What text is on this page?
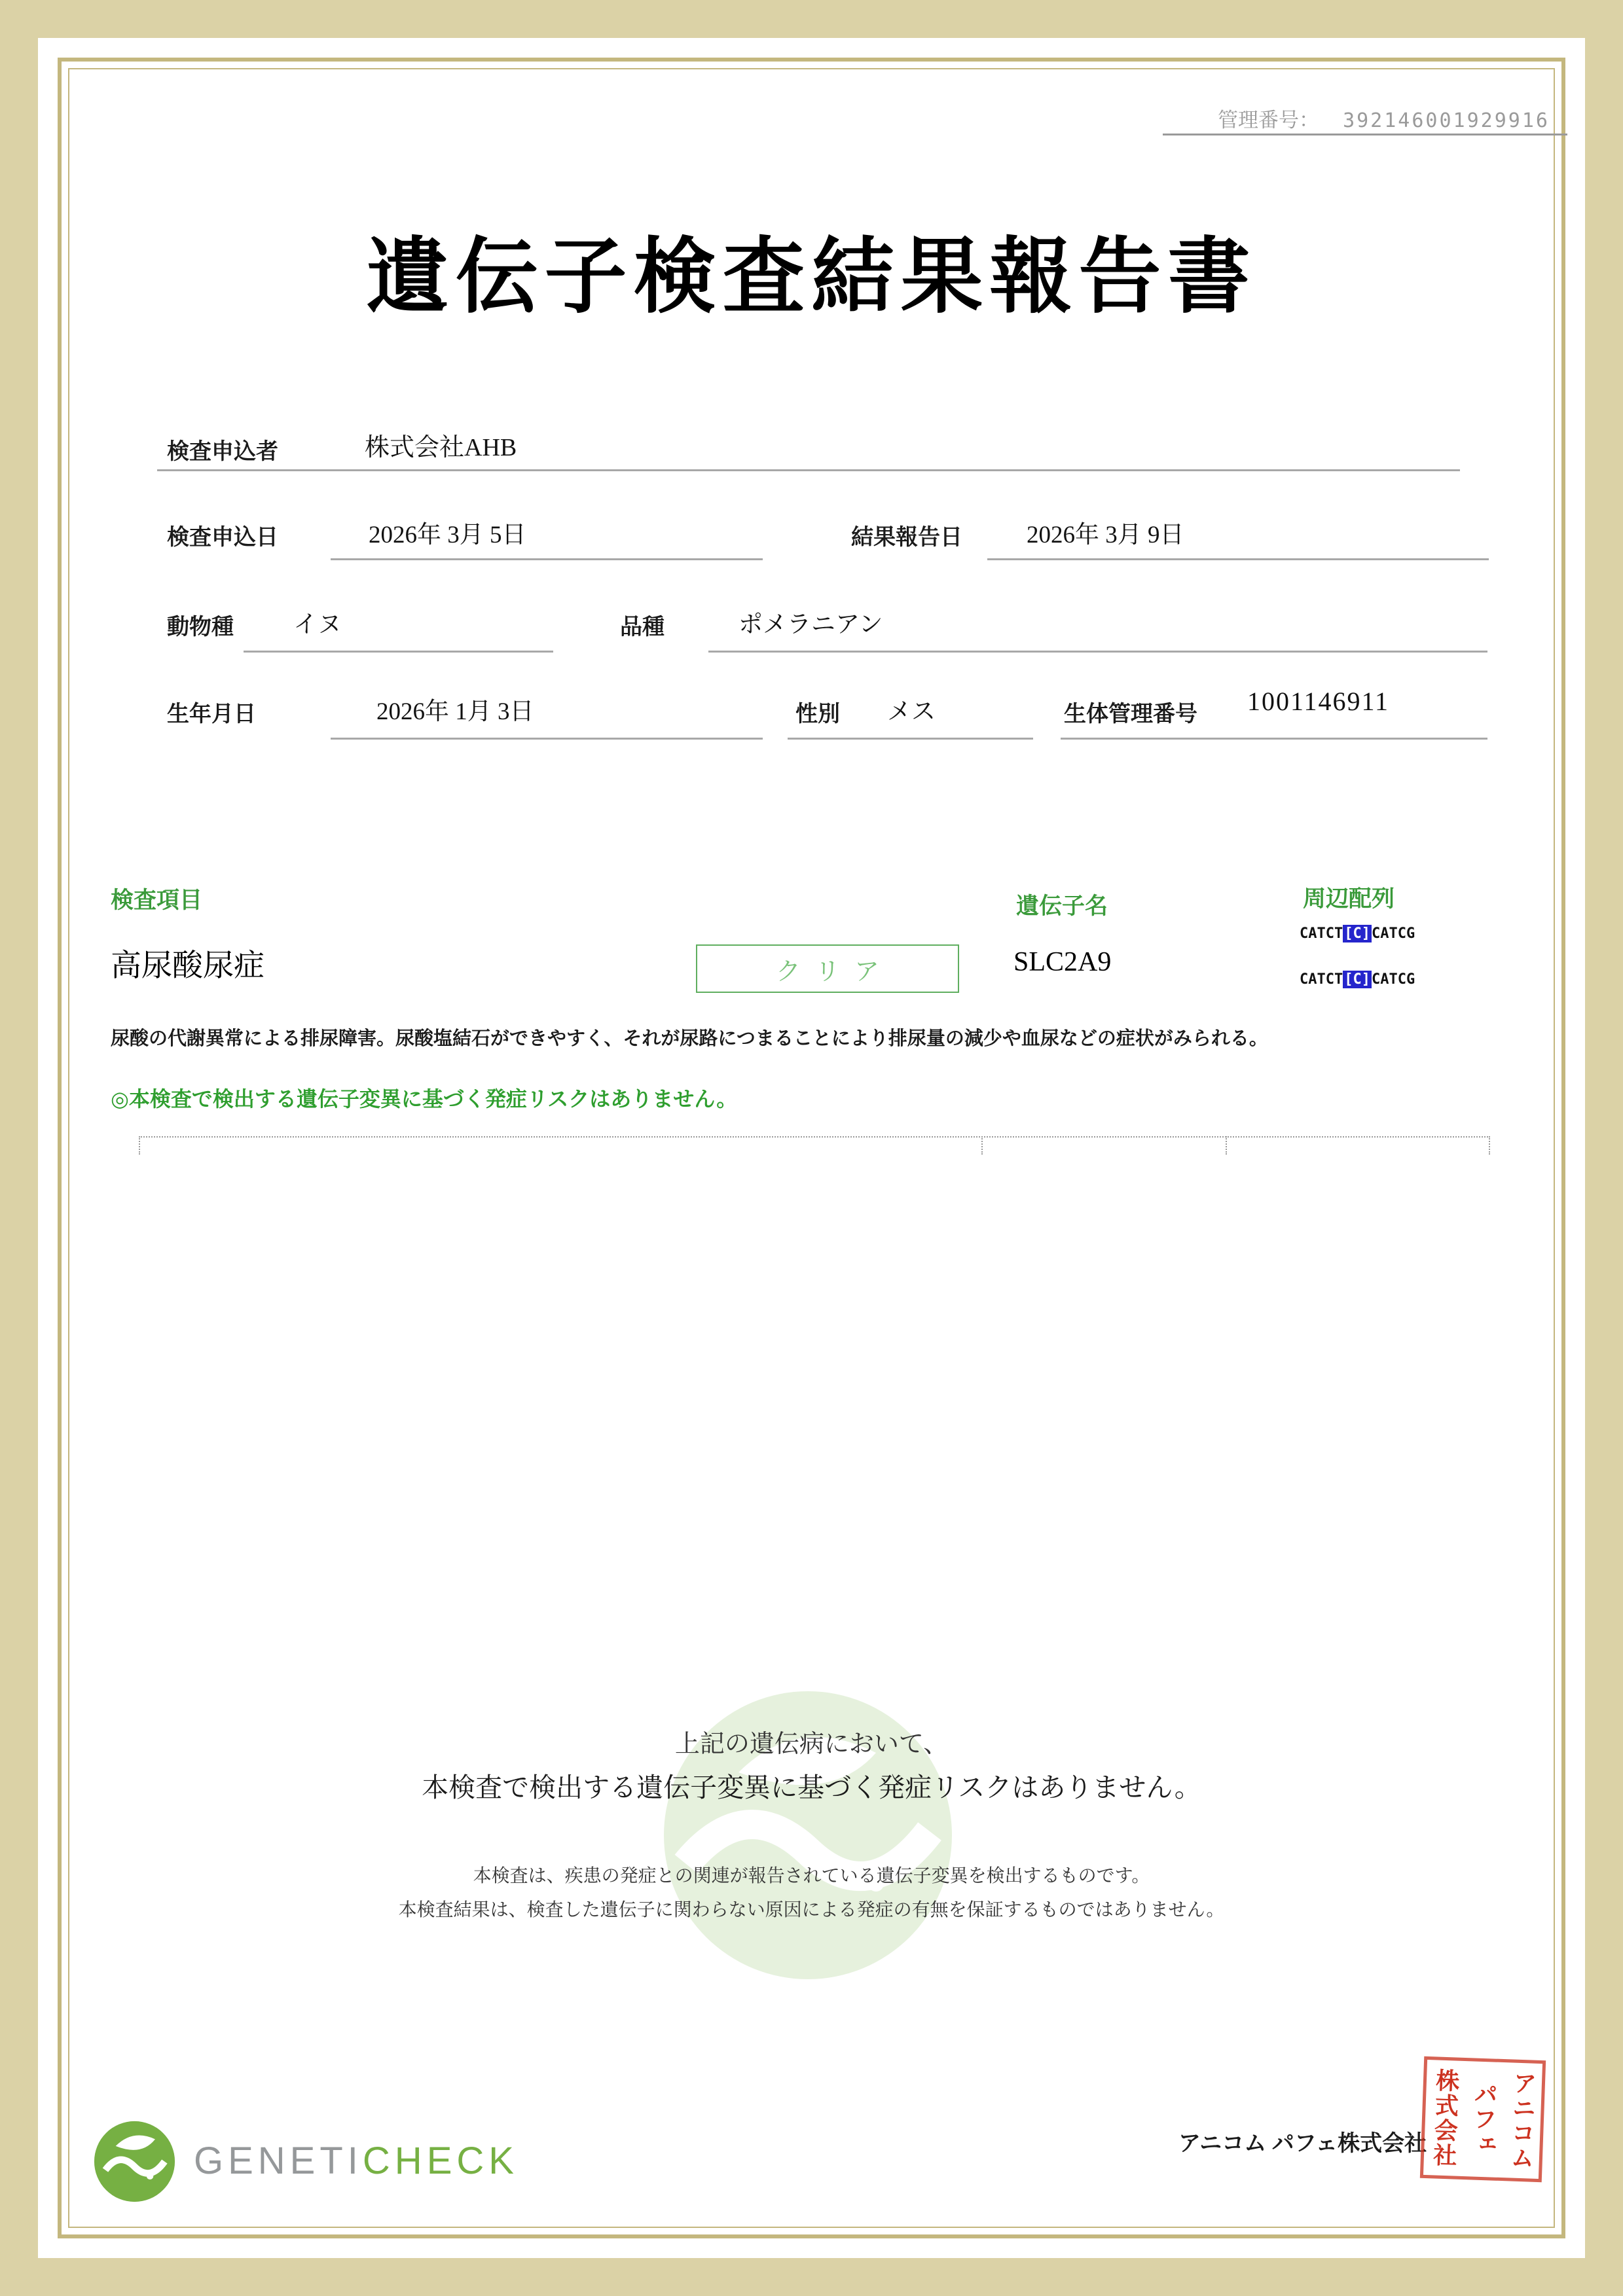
管理番号： 392146001929916
遺伝子検査結果報告書
検査申込者	株式会社AHB
検査申込日	2026年 3月 5日	結果報告日	2026年 3月 9日
動物種 イヌ	品種	ポメラニアン
生年月日	2026年 1月 3日	性別 メス	生体管理番号 1001146911
検査項目	遺伝子名	周辺配列
高尿酸尿症	クリア	SLC2A9
CATCT[C]CATCG
CATCT[C]CATCG
尿酸の代謝異常による排尿障害。尿酸塩結石ができやすく、それが尿路につまることにより排尿量の減少や血尿などの症状がみられる。
◎本検査で検出する遺伝子変異に基づく発症リスクはありません。
上記の遺伝病において、
本検査で検出する遺伝子変異に基づく発症リスクはありません。
本検査は、疾患の発症との関連が報告されている遺伝子変異を検出するものです。
本検査結果は、検査した遺伝子に関わらない原因による発症の有無を保証するものではありません。
GENETICHECK	アニコム パフェ株式会社	アニコム
パフェ
株式会社
